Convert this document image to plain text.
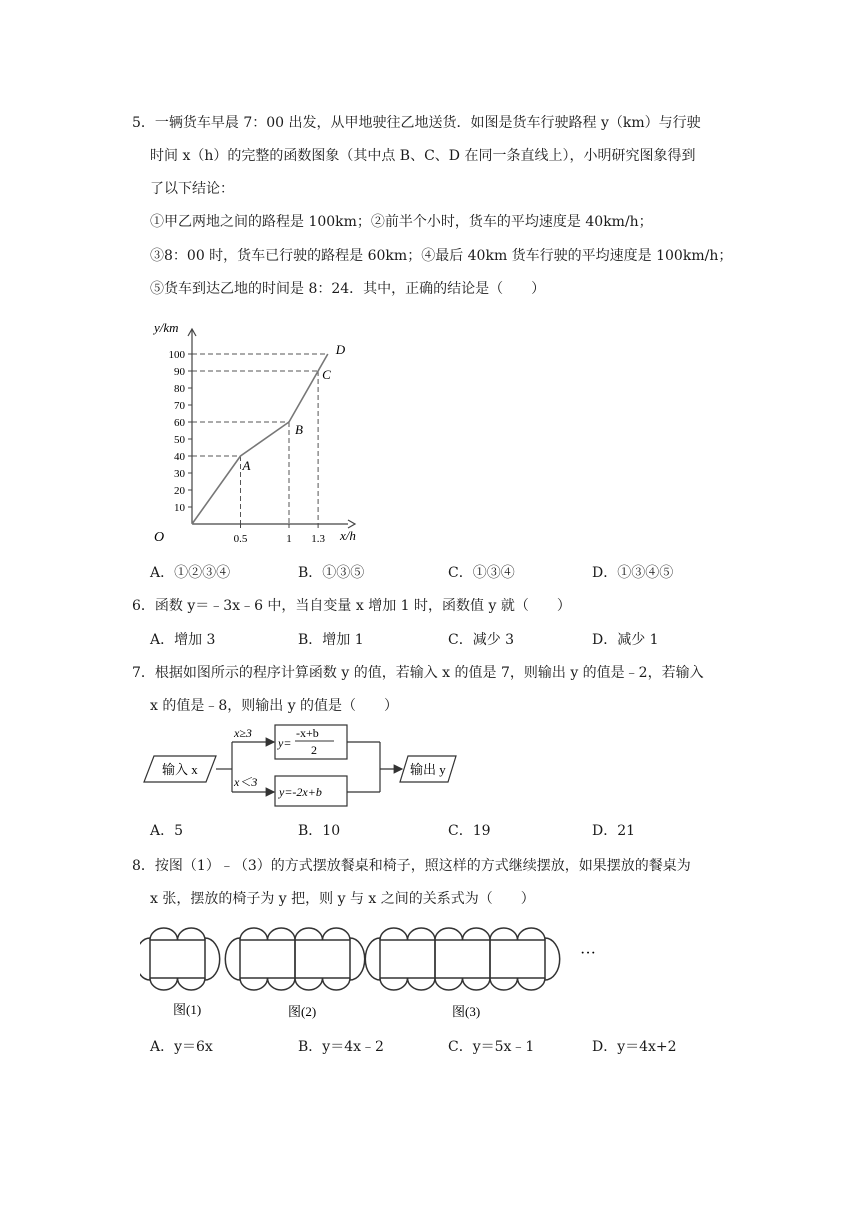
5．一辆货车早晨 7：00 出发，从甲地驶往乙地送货．如图是货车行驶路程 y（km）与行驶
时间 x（h）的完整的函数图象（其中点 B、C、D 在同一条直线上），小明研究图象得到
了以下结论：
①甲乙两地之间的路程是 100km；②前半个小时，货车的平均速度是 40km/h；
③8：00 时，货车已行驶的路程是 60km；④最后 40km 货车行驶的平均速度是 100km/h；
⑤货车到达乙地的时间是 8：24．其中，正确的结论是（　　）
10
20
30
40
50
60
70
80
90
100
0.5	1 1.3
A
B
C
D
y/km
x/h
O
A．①②③④	B．①③⑤	C．①③④	D．①③④⑤
6．函数 y＝﹣3x﹣6 中，当自变量 x 增加 1 时，函数值 y 就（　　）
A．增加 3	B．增加 1	C．减少 3	D．减少 1
7．根据如图所示的程序计算函数 y 的值，若输入 x 的值是 7，则输出 y 的值是﹣2，若输入
x 的值是﹣8，则输出 y 的值是（　　）
输入 x
x≥3
x＜3
y=
-x+b
2
y=-2x+b
输出 y
A．5	B．10	C．19	D．21
8．按图（1）﹣（3）的方式摆放餐桌和椅子，照这样的方式继续摆放，如果摆放的餐桌为
x 张，摆放的椅子为 y 把，则 y 与 x 之间的关系式为（　　）
图(1)	图(2)	图(3)
···
A．y＝6x	B．y＝4x﹣2	C．y＝5x﹣1	D．y＝4x+2
